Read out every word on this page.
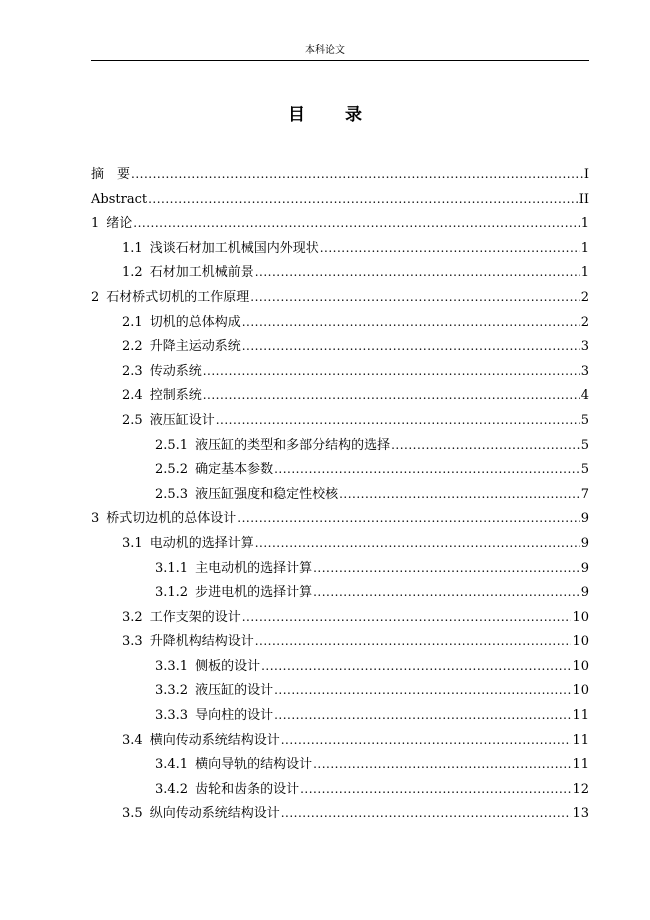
本科论文
目 录
摘　要 .....	I
Abstract .....	II
1 绪论 .....	1
1.1 浅谈石材加工机械国内外现状 .....	1
1.2 石材加工机械前景 .....	1
2 石材桥式切机的工作原理 .....	2
2.1 切机的总体构成 .....	2
2.2 升降主运动系统 .....	3
2.3 传动系统 .....	3
2.4 控制系统 .....	4
2.5 液压缸设计 .....	5
2.5.1 液压缸的类型和多部分结构的选择 .....	5
2.5.2 确定基本参数 .....	5
2.5.3 液压缸强度和稳定性校核 .....	7
3 桥式切边机的总体设计 .....	9
3.1 电动机的选择计算 .....	9
3.1.1 主电动机的选择计算 .....	9
3.1.2 步进电机的选择计算 .....	9
3.2 工作支架的设计 .....	10
3.3 升降机构结构设计 .....	10
3.3.1 侧板的设计 .....	10
3.3.2 液压缸的设计 .....	10
3.3.3 导向柱的设计 .....	11
3.4 横向传动系统结构设计 .....	11
3.4.1 横向导轨的结构设计 .....	11
3.4.2 齿轮和齿条的设计 .....	12
3.5 纵向传动系统结构设计 .....	13
